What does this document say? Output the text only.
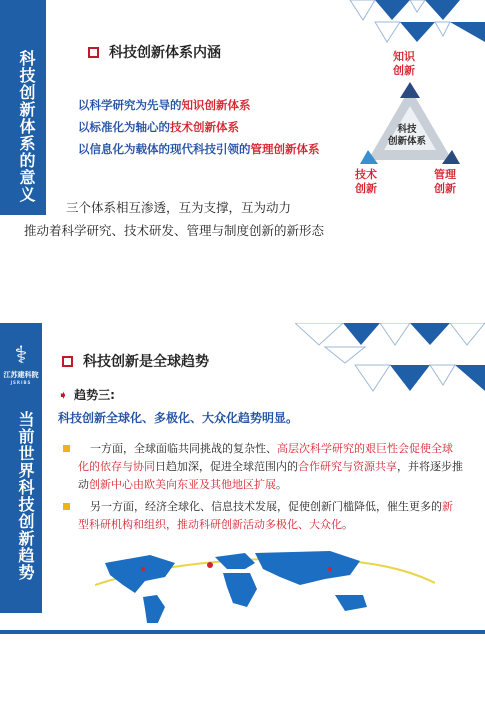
科技创新体系的意义	科技创新体系内涵
以科学研究为先导的知识创新体系
以标准化为轴心的技术创新体系
以信息化为载体的现代科技引领的管理创新体系
知识
创新
技术
创新
管理
创新
科技
创新体系
三个体系相互渗透，互为支撑，互为动力
推动着科学研究、技术研发、管理与制度创新的新形态
⚕
江苏建科院
JSRIBS
当前世界科技创新趋势
科技创新是全球趋势
➧ 趋势三:
科技创新全球化、多极化、大众化趋势明显。
一方面，全球面临共同挑战的复杂性、高层次科学研究的艰巨性会促使全球化的依存与协同日趋加深，促进全球范围内的合作研究与资源共享，并将逐步推动创新中心由欧美向东亚及其他地区扩展。
另一方面，经济全球化、信息技术发展，促使创新门槛降低，催生更多的新型科研机构和组织，推动科研创新活动多极化、大众化。
